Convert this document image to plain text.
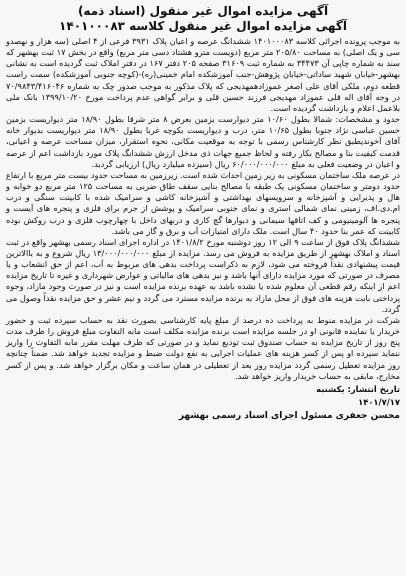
آگهی مزایده اموال غیر منقول (اسناد ذمه)
آگهی مزایده اموال غیر منقول کلاسه ۱۴۰۱۰۰۰۸۳

به موجب پرونده اجرائی کلاسه ۱۴۰۱۰۰۰۸۳ ششدانگ عرصه و اعیان پلاک ۳۹۳۱ فرعی از ۴ اصلی (سه هزار و نهصدو سی و یک اصلی) به مساحت ۲۰۵/۸۰ متر مربع (دویست مترو هشتاد دسی متر مربع) واقع در بخش ۱۷ ثبت بهشهر که سند به شماره چاپی آن ۳۴۴۷۳ به شماره ثبت ۳۱۶۰۹ صفحه ۲۰۵ دفتر ۱۶۷ در دفتر املاک ثبت گردیده است به نشانی بهشهر-خیابان شهید ساداتی-خیابان پژوهش-جنب آموزشکده امام خمینی(ره)-(کوچه جنوبی آموزشکده) سمت راست قطعه دوم، ملکی آقای علی اصغر عموزادهمهدیجی که پلاک مذکور به موجب صدور چک به شماره ۷۰/۹۸۴۳/۴۱۶۰۴۶ در وجه آقای اله قلی عموزاد مهدیجی فرزند حسین قلی و برابر گواهی عدم پرداخت مورخ ۱۳۹۹/۱۰/۲۰ بانک ملی بلاعمل اعلام و بازداشت گردیده است.

حدود و مشخصات: شمالا بطول ۱۰/۶۰ متر دیوارست بزمین بعرض ۸ متر شرقا بطول ۱۸/۹۰ متر دیواریست بزمین حسین عباسی نژاد جنوبا بطول ۱۰/۶۵ متر، درب و دیواریست بکوچه غربا بطول ۱۸/۹۰ متر دیواریست بدیوار خانه آقای آخوندیطبق نظر کارشناس رسمی با توجه به موقعیت مکانی، نحوه استقرار، میزان مساحت عرصه و اعیانی، قدمت کیفیت بنا و مصالح بکار رفته و لحاظ جمیع جهات ذی مدخل ارزش ششدانگ پلاک مورد بازداشت اعم از عرصه و اعیان در وضعیت فعلی به مبلغ ۶۰/۰۰۰/۰۰۰/۰۰۰ ریال (سیزده میلیارد ریال) ارزیابی گردید.

در عرصه ملک ساختمان مسکونی به زیر زمین احداث شده است. زیرزمین به مساحت حدود بیست متر مربع با ارتفاع حدود دومتر و ساختمان مسکونی یک طبقه با مصالح بنایی سقف طاق ضربی به مساحت ۱۲۵ متر مربع دو خوابه و هال و پذیرایی و آشپزخانه و سرویسهای بهداشتی و آشپزخانه کاشی و سرامیک شده با کابینت سنگی و درب ام.دی.اف، زمینی نمای شمالی استری و نمای جنوبی سرامیک و پوشش از جرم برای فلزی و پنجره های آیست و پنجره ها آلومینیومی و کف اتاقها سیمانی و دیوارها گچ کاری و دربهای داخل با چهارچوب فلزی و درب روکش بوده کابینت که عمر بنا حدود ۴۰ سال است. ملک دارای امتیازات آب و برق و گاز می باشد.

ششدانگ پلاک فوق از ساعت ۹ الی ۱۲ روز دوشنبه مورخ ۱۴۰۱/۸/۲ در اداره اجرای اسناد رسمی بهشهر واقع در ثبت اسناد و املاک بهشهر از طریق مزایده به فروش می رسد. مزایده از مبلغ ۱۳/۰۰۰/۰۰۰/۰۰۰ ریال شروع و به باالاترین قیمت پیشنهادی نقداً فروخته می شود، لازم به ذکراست پرداخت بدهی های مربوط به آب، اعم از حق انشعاب و یا مصرف در صورتی که مورد مزایده دارای آنها باشد و نیز بدهی های مالیاتی و عوارض شهرداری و غیره تا تاریخ مزایده اعم از اینکه رقم قطعی آن معلوم شده یا نشده باشد به عهده برنده مزایده است و نیز در صورت وجود مازاد، وجوه پرداختی بابت هزینه های فوق از محل مازاد به برنده مزایده مسترد می گردد و نیم عشر و حق مزایده نقداً وصول می گردد.

شرکت در مزایده منوط به پرداخت ده درصد از مبلغ پایه کارشناسی بصورت نقد به حساب سپرده ثبت و حضور خریدار یا نماینده قانونی او در جلسه مزایده است برنده مزایده مکلف است مابه التفاوت مبلغ فروش را ظرف مدت پنج روز از تاریخ مزایده به حساب صندوق ثبت تودیع نماید و در صورتی که ظرف مهلت مقرر مابه التفاوت را واریز ننماید سپرده او پس از کسر هزینه های عملیات اجرایی به نفع دولت ضبط و مزایده تجدید خواهد شد. ضمناً چنانچه روز مزایده تعطیل رسمی گردد مزایده روز بعد از تعطیلی در همان ساعت و مکان برگزار خواهد شد. و پس از کسر مخارج، مابقی به حساب خریدار واریز خواهد شد.

تاریخ انتشار: یکشنبه
۱۴۰۱/۷/۱۷
محسن جعفری مسئول اجرای اسناد رسمی بهشهر
